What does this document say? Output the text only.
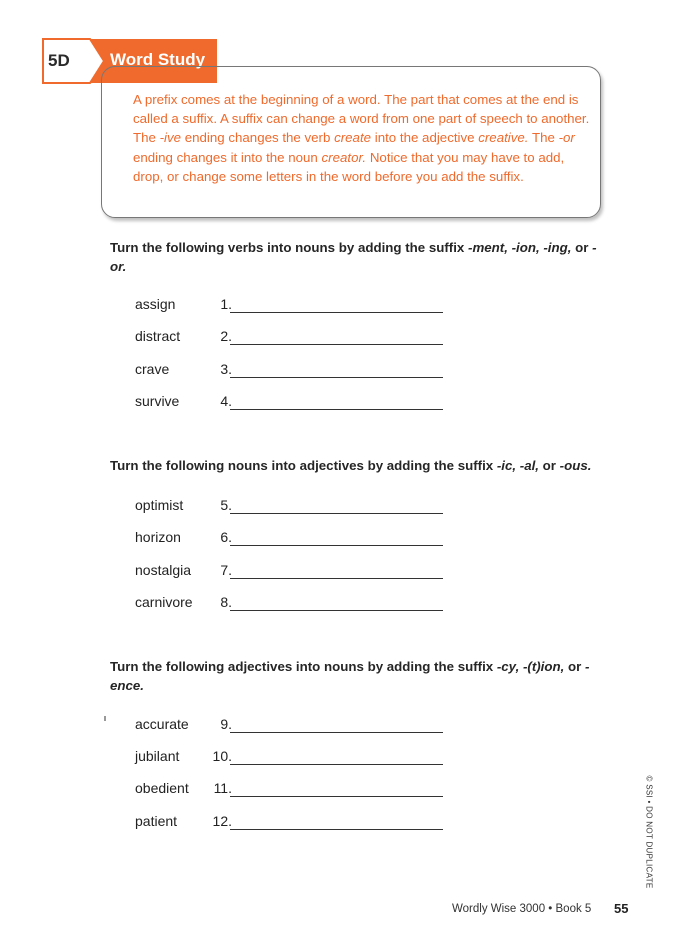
5D Word Study
A prefix comes at the beginning of a word. The part that comes at the end is called a suffix. A suffix can change a word from one part of speech to another. The -ive ending changes the verb create into the adjective creative. The -or ending changes it into the noun creator. Notice that you may have to add, drop, or change some letters in the word before you add the suffix.
Turn the following verbs into nouns by adding the suffix -ment, -ion, -ing, or -or.
1.
assign
2.
distract
3.
crave
4.
survive
Turn the following nouns into adjectives by adding the suffix -ic, -al, or -ous.
5.
optimist
6.
horizon
7.
nostalgia
8.
carnivore
Turn the following adjectives into nouns by adding the suffix -cy, -(t)ion, or -ence.
9.
accurate
10.
jubilant
11.
obedient
12.
patient	© SSI • DO NOT DUPLICATE
Wordly Wise 3000 • Book 5 55
